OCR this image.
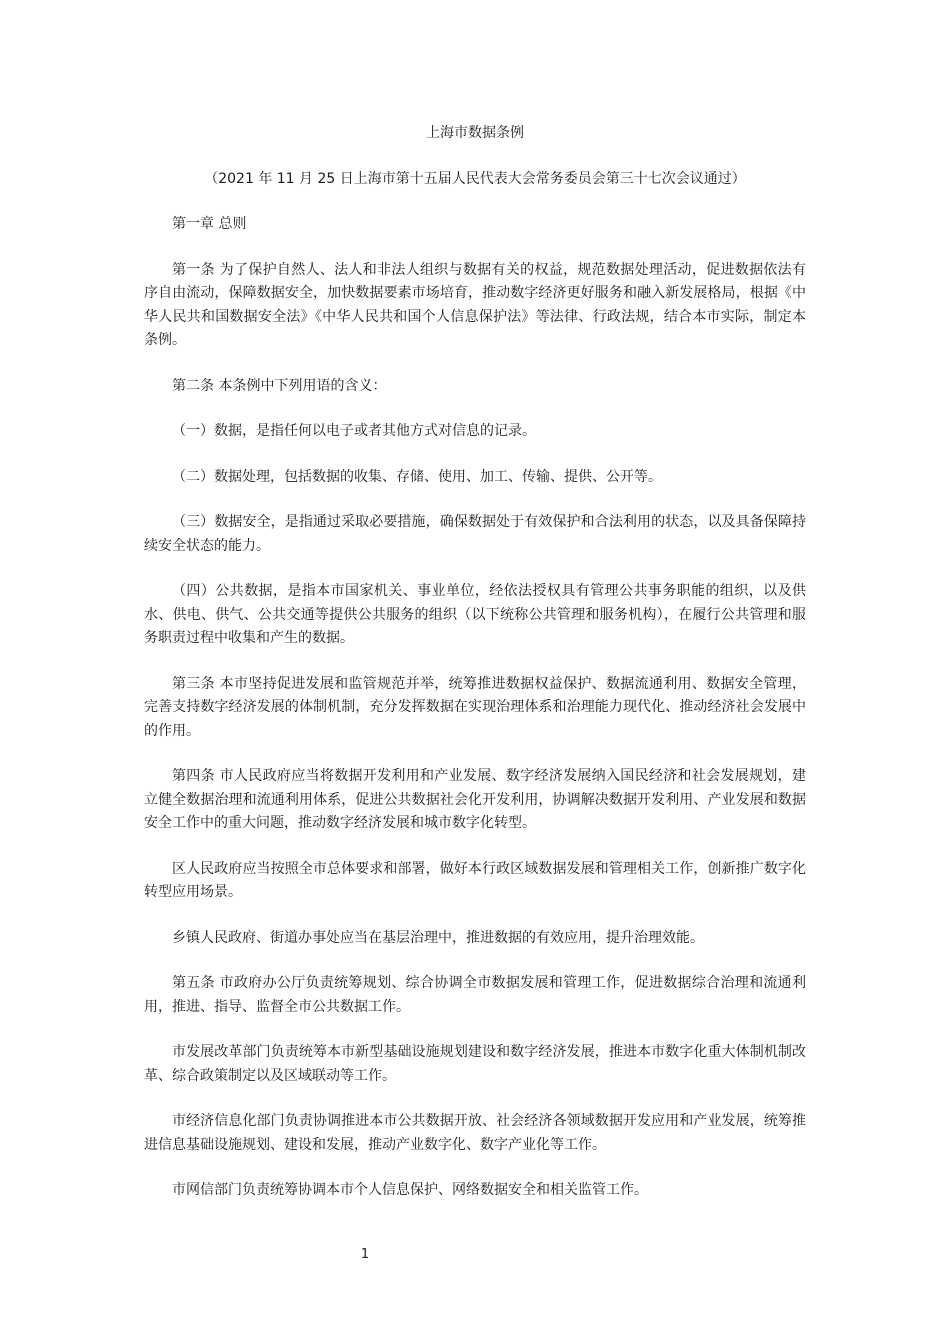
上海市数据条例

（2021 年 11 月 25 日上海市第十五届人民代表大会常务委员会第三十七次会议通过）

第一章 总则

第一条 为了保护自然人、法人和非法人组织与数据有关的权益，规范数据处理活动，促进数据依法有序自由流动，保障数据安全，加快数据要素市场培育，推动数字经济更好服务和融入新发展格局，根据《中华人民共和国数据安全法》《中华人民共和国个人信息保护法》等法律、行政法规，结合本市实际，制定本条例。

第二条 本条例中下列用语的含义：

（一）数据，是指任何以电子或者其他方式对信息的记录。

（二）数据处理，包括数据的收集、存储、使用、加工、传输、提供、公开等。

（三）数据安全，是指通过采取必要措施，确保数据处于有效保护和合法利用的状态，以及具备保障持续安全状态的能力。

（四）公共数据，是指本市国家机关、事业单位，经依法授权具有管理公共事务职能的组织，以及供水、供电、供气、公共交通等提供公共服务的组织（以下统称公共管理和服务机构），在履行公共管理和服务职责过程中收集和产生的数据。

第三条 本市坚持促进发展和监管规范并举，统筹推进数据权益保护、数据流通利用、数据安全管理，完善支持数字经济发展的体制机制，充分发挥数据在实现治理体系和治理能力现代化、推动经济社会发展中的作用。

第四条 市人民政府应当将数据开发利用和产业发展、数字经济发展纳入国民经济和社会发展规划，建立健全数据治理和流通利用体系，促进公共数据社会化开发利用，协调解决数据开发利用、产业发展和数据安全工作中的重大问题，推动数字经济发展和城市数字化转型。

区人民政府应当按照全市总体要求和部署，做好本行政区域数据发展和管理相关工作，创新推广数字化转型应用场景。

乡镇人民政府、街道办事处应当在基层治理中，推进数据的有效应用，提升治理效能。

第五条 市政府办公厅负责统筹规划、综合协调全市数据发展和管理工作，促进数据综合治理和流通利用，推进、指导、监督全市公共数据工作。

市发展改革部门负责统筹本市新型基础设施规划建设和数字经济发展，推进本市数字化重大体制机制改革、综合政策制定以及区域联动等工作。

市经济信息化部门负责协调推进本市公共数据开放、社会经济各领域数据开发应用和产业发展，统筹推进信息基础设施规划、建设和发展，推动产业数字化、数字产业化等工作。

市网信部门负责统筹协调本市个人信息保护、网络数据安全和相关监管工作。

1
